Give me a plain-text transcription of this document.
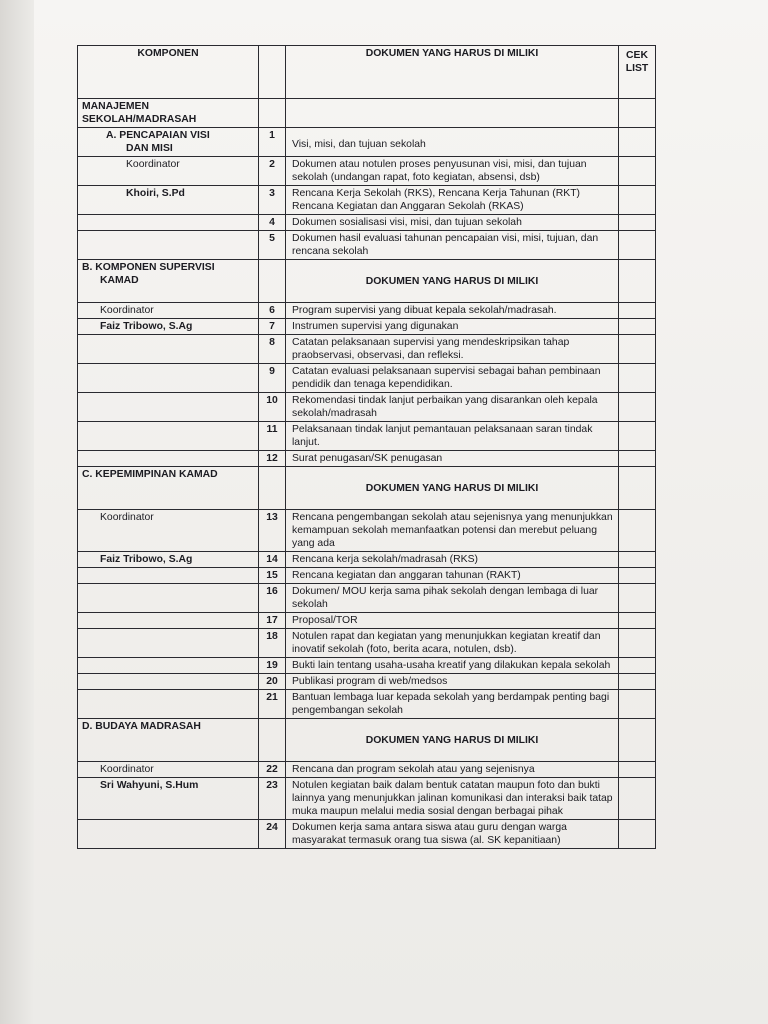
KOMPONEN		DOKUMEN YANG HARUS DI MILIKI	CEK
LIST
MANAJEMEN
SEKOLAH/MADRASAH			
A. PENCAPAIAN VISI
DAN MISI	1	Visi, misi, dan tujuan sekolah	
Koordinator	2	Dokumen atau notulen proses penyusunan visi, misi, dan tujuan sekolah (undangan rapat, foto kegiatan, absensi, dsb)	
Khoiri, S.Pd	3	Rencana Kerja Sekolah (RKS), Rencana Kerja Tahunan (RKT) Rencana Kegiatan dan Anggaran Sekolah (RKAS)	
	4	Dokumen sosialisasi visi, misi, dan tujuan sekolah	
	5	Dokumen hasil evaluasi tahunan pencapaian visi, misi, tujuan, dan rencana sekolah	
B. KOMPONEN SUPERVISI
KAMAD		DOKUMEN YANG HARUS DI MILIKI	
Koordinator	6	Program supervisi yang dibuat kepala sekolah/madrasah.	
Faiz Tribowo, S.Ag	7	Instrumen supervisi yang digunakan	
	8	Catatan pelaksanaan supervisi yang mendeskripsikan tahap praobservasi, observasi, dan refleksi.	
	9	Catatan evaluasi pelaksanaan supervisi sebagai bahan pembinaan pendidik dan tenaga kependidikan.	
	10	Rekomendasi tindak lanjut perbaikan yang disarankan oleh kepala sekolah/madrasah	
	11	Pelaksanaan tindak lanjut pemantauan pelaksanaan saran tindak lanjut.	
	12	Surat penugasan/SK penugasan	
C. KEPEMIMPINAN KAMAD		DOKUMEN YANG HARUS DI MILIKI	
Koordinator	13	Rencana pengembangan sekolah atau sejenisnya yang menunjukkan kemampuan sekolah memanfaatkan potensi dan merebut peluang yang ada	
Faiz Tribowo, S.Ag	14	Rencana kerja sekolah/madrasah (RKS)	
	15	Rencana kegiatan dan anggaran tahunan (RAKT)	
	16	Dokumen/ MOU kerja sama pihak sekolah dengan lembaga di luar sekolah	
	17	Proposal/TOR	
	18	Notulen rapat dan kegiatan yang menunjukkan kegiatan kreatif dan inovatif sekolah (foto, berita acara, notulen, dsb).	
	19	Bukti lain tentang usaha-usaha kreatif yang dilakukan kepala sekolah	
	20	Publikasi program di web/medsos	
	21	Bantuan lembaga luar kepada sekolah yang berdampak penting bagi pengembangan sekolah	
D. BUDAYA MADRASAH		DOKUMEN YANG HARUS DI MILIKI	
Koordinator	22	Rencana dan program sekolah atau yang sejenisnya	
Sri Wahyuni, S.Hum	23	Notulen kegiatan baik dalam bentuk catatan maupun foto dan bukti lainnya yang menunjukkan jalinan komunikasi dan interaksi baik tatap muka maupun melalui media sosial dengan berbagai pihak	
	24	Dokumen kerja sama antara siswa atau guru dengan warga masyarakat termasuk orang tua siswa (al. SK kepanitiaan)	
